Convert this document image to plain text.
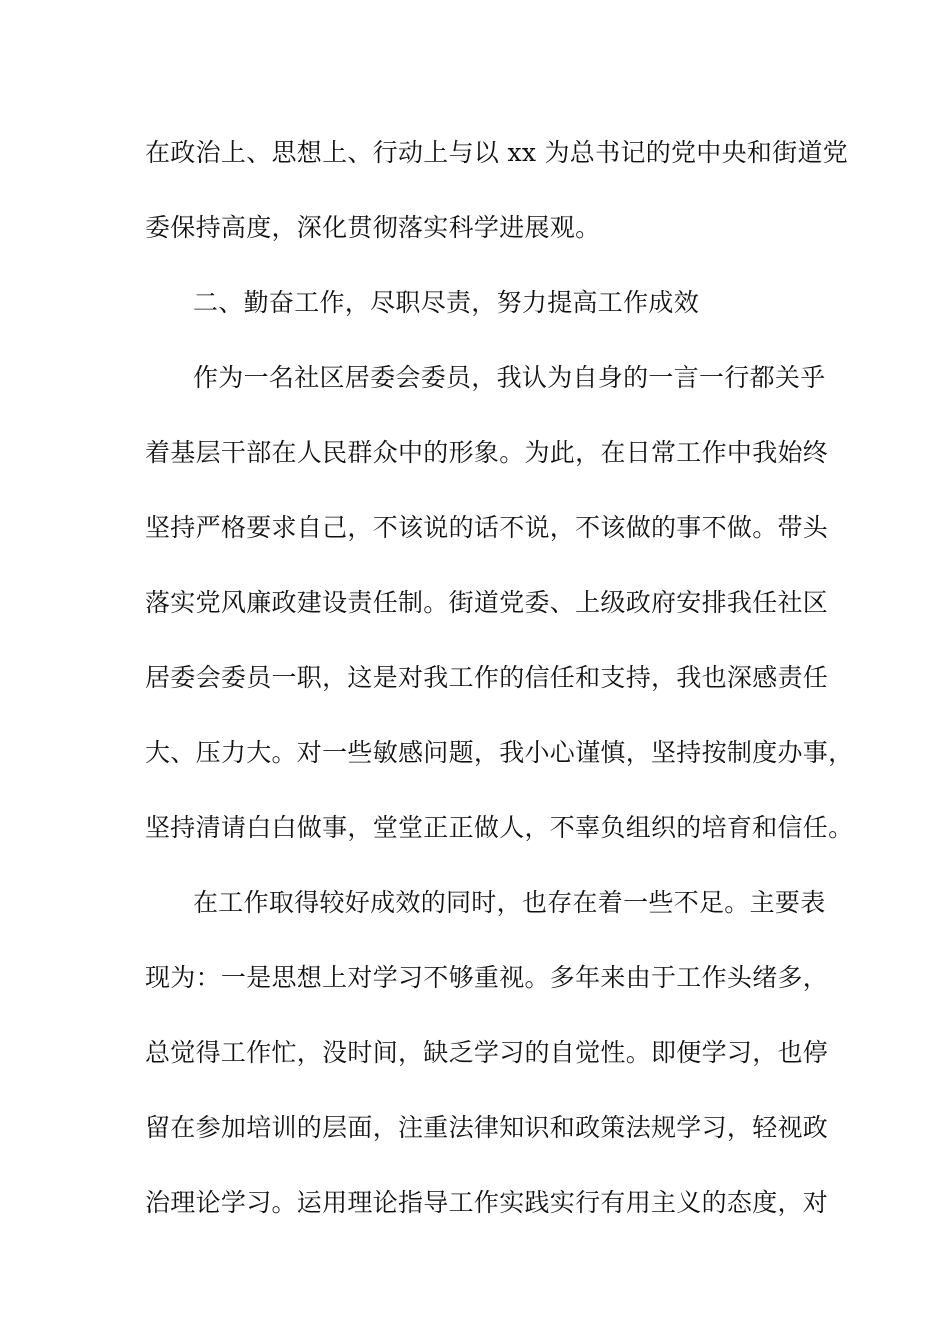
在政治上、思想上、行动上与以 xx 为总书记的党中央和街道党
委保持高度，深化贯彻落实科学进展观。
二、勤奋工作，尽职尽责，努力提高工作成效
作为一名社区居委会委员，我认为自身的一言一行都关乎
着基层干部在人民群众中的形象。为此，在日常工作中我始终
坚持严格要求自己，不该说的话不说，不该做的事不做。带头
落实党风廉政建设责任制。街道党委、上级政府安排我任社区
居委会委员一职，这是对我工作的信任和支持，我也深感责任
大、压力大。对一些敏感问题，我小心谨慎，坚持按制度办事，
坚持清请白白做事，堂堂正正做人，不辜负组织的培育和信任。
在工作取得较好成效的同时，也存在着一些不足。主要表
现为：一是思想上对学习不够重视。多年来由于工作头绪多，
总觉得工作忙，没时间，缺乏学习的自觉性。即便学习，也停
留在参加培训的层面，注重法律知识和政策法规学习，轻视政
治理论学习。运用理论指导工作实践实行有用主义的态度，对
